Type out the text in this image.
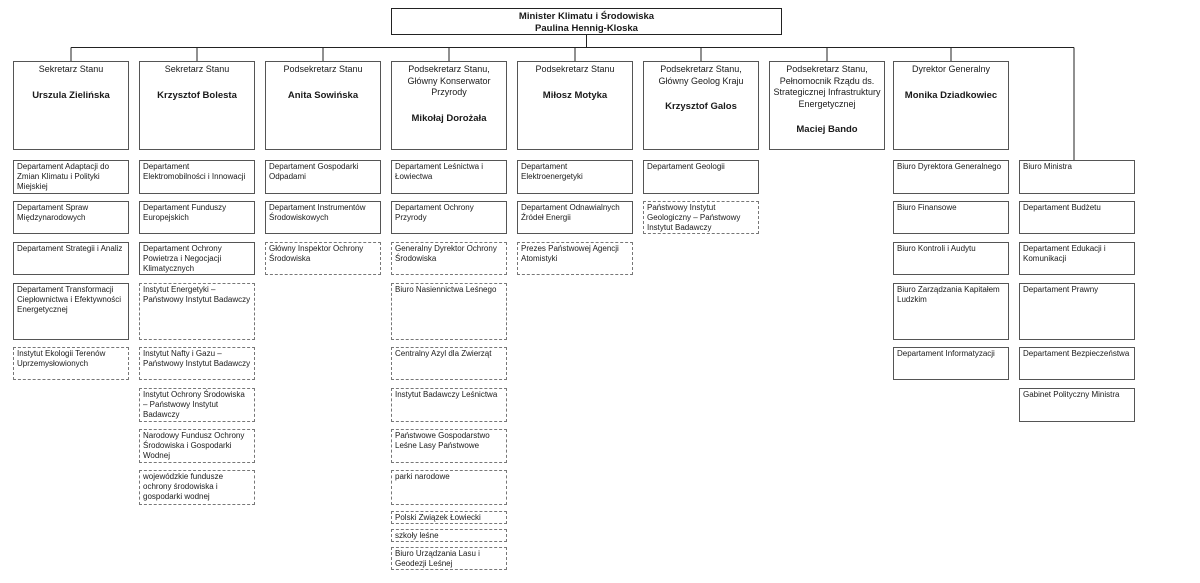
Minister Klimatu i Środowiska
Paulina Hennig-Kloska
Sekretarz Stanu
Urszula Zielińska
Departament Adaptacji do Zmian Klimatu i Polityki Miejskiej
Departament Spraw Międzynarodowych
Departament Strategii i Analiz
Departament Transformacji Ciepłownictwa i Efektywności Energetycznej
Instytut Ekologii Terenów Uprzemysłowionych
Sekretarz Stanu
Krzysztof Bolesta
Departament Elektromobilności i Innowacji
Departament Funduszy Europejskich
Departament Ochrony Powietrza i Negocjacji Klimatycznych
Instytut Energetyki – Państwowy Instytut Badawczy
Instytut Nafty i Gazu – Państwowy Instytut Badawczy
Instytut Ochrony Środowiska – Państwowy Instytut Badawczy
Narodowy Fundusz Ochrony Środowiska i Gospodarki Wodnej
wojewódzkie fundusze ochrony środowiska i gospodarki wodnej
Podsekretarz Stanu
Anita Sowińska
Departament Gospodarki Odpadami
Departament Instrumentów Środowiskowych
Główny Inspektor Ochrony Środowiska
Podsekretarz Stanu, Główny Konserwator Przyrody
Mikołaj Dorożała
Departament Leśnictwa i Łowiectwa
Departament Ochrony Przyrody
Generalny Dyrektor Ochrony Środowiska
Biuro Nasiennictwa Leśnego
Centralny Azyl dla Zwierząt
Instytut Badawczy Leśnictwa
Państwowe Gospodarstwo Leśne Lasy Państwowe
parki narodowe
Polski Związek Łowiecki
szkoły leśne
Biuro Urządzania Lasu i Geodezji Leśnej
Podsekretarz Stanu
Miłosz Motyka
Departament Elektroenergetyki
Departament Odnawialnych Źródeł Energii
Prezes Państwowej Agencji Atomistyki
Podsekretarz Stanu, Główny Geolog Kraju
Krzysztof Galos
Departament Geologii
Państwowy Instytut Geologiczny – Państwowy Instytut Badawczy
Podsekretarz Stanu, Pełnomocnik Rządu ds. Strategicznej Infrastruktury Energetycznej
Maciej Bando
Dyrektor Generalny
Monika Dziadkowiec
Biuro Dyrektora Generalnego
Biuro Finansowe
Biuro Kontroli i Audytu
Biuro Zarządzania Kapitałem Ludzkim
Departament Informatyzacji
Biuro Ministra
Departament Budżetu
Departament Edukacji i Komunikacji
Departament Prawny
Departament Bezpieczeństwa
Gabinet Polityczny Ministra
